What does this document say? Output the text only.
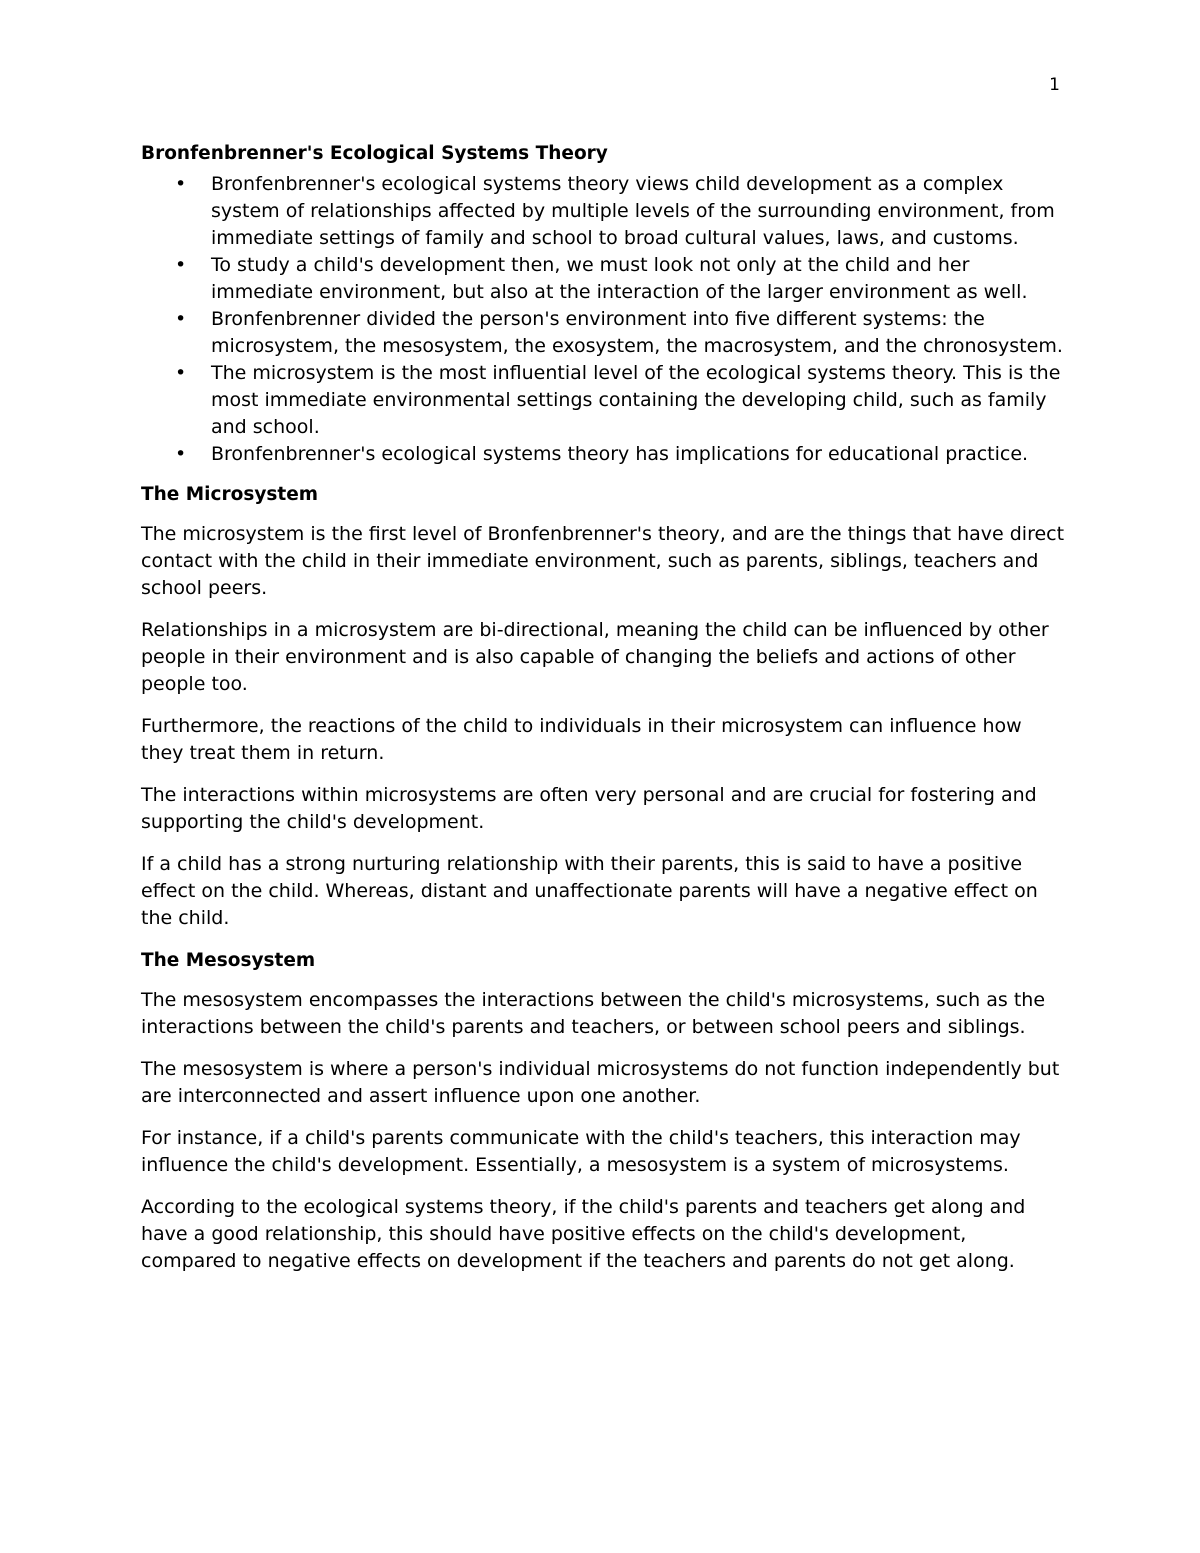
1
Bronfenbrenner's Ecological Systems Theory
• Bronfenbrenner's ecological systems theory views child development as a complex system of relationships affected by multiple levels of the surrounding environment, from immediate settings of family and school to broad cultural values, laws, and customs.
• To study a child's development then, we must look not only at the child and her immediate environment, but also at the interaction of the larger environment as well.
• Bronfenbrenner divided the person's environment into five different systems: the microsystem, the mesosystem, the exosystem, the macrosystem, and the chronosystem.
• The microsystem is the most influential level of the ecological systems theory. This is the most immediate environmental settings containing the developing child, such as family and school.
• Bronfenbrenner's ecological systems theory has implications for educational practice.
The Microsystem

The microsystem is the first level of Bronfenbrenner's theory, and are the things that have direct contact with the child in their immediate environment, such as parents, siblings, teachers and school peers.

Relationships in a microsystem are bi-directional, meaning the child can be influenced by other people in their environment and is also capable of changing the beliefs and actions of other people too.

Furthermore, the reactions of the child to individuals in their microsystem can influence how they treat them in return.

The interactions within microsystems are often very personal and are crucial for fostering and supporting the child's development.

If a child has a strong nurturing relationship with their parents, this is said to have a positive effect on the child. Whereas, distant and unaffectionate parents will have a negative effect on the child.

The Mesosystem

The mesosystem encompasses the interactions between the child's microsystems, such as the interactions between the child's parents and teachers, or between school peers and siblings.

The mesosystem is where a person's individual microsystems do not function independently but are interconnected and assert influence upon one another.

For instance, if a child's parents communicate with the child's teachers, this interaction may influence the child's development. Essentially, a mesosystem is a system of microsystems.

According to the ecological systems theory, if the child's parents and teachers get along and have a good relationship, this should have positive effects on the child's development, compared to negative effects on development if the teachers and parents do not get along.
